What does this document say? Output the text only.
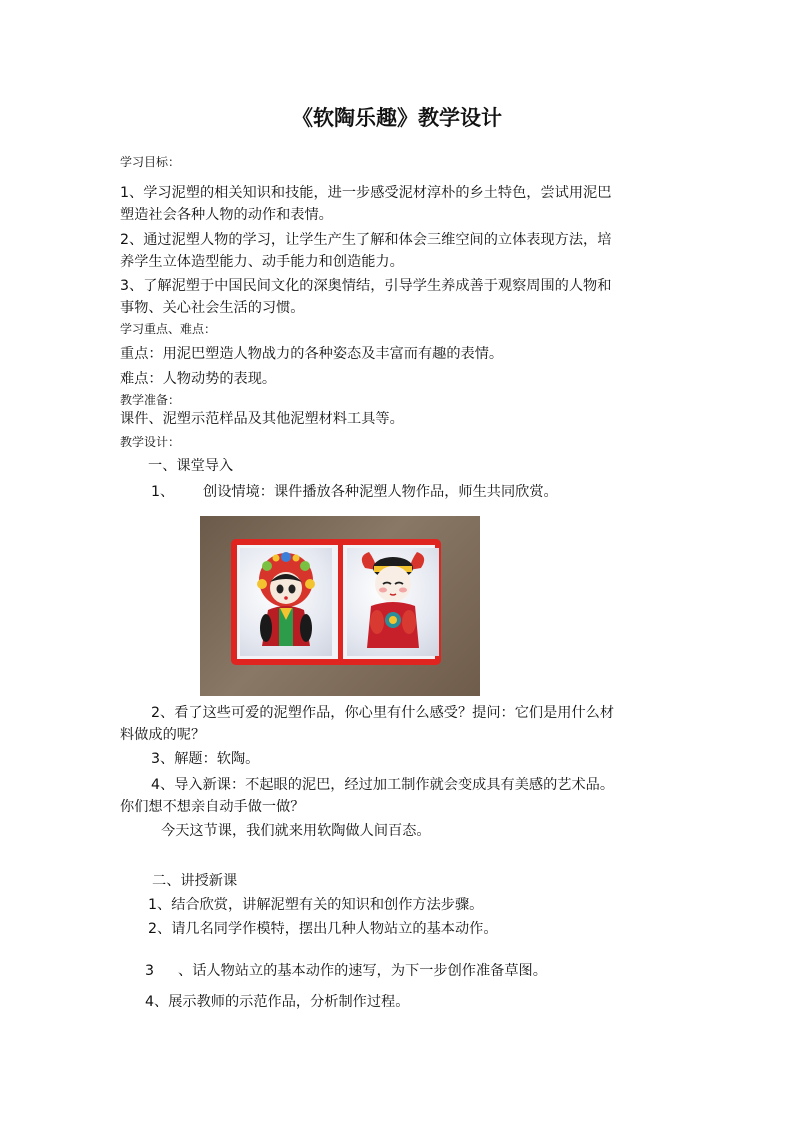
《软陶乐趣》教学设计
学习目标：
1、学习泥塑的相关知识和技能，进一步感受泥材淳朴的乡土特色，尝试用泥巴
塑造社会各种人物的动作和表情。
2、通过泥塑人物的学习，让学生产生了解和体会三维空间的立体表现方法，培
养学生立体造型能力、动手能力和创造能力。
3、了解泥塑于中国民间文化的深奥情结，引导学生养成善于观察周围的人物和
事物、关心社会生活的习惯。
学习重点、难点：
重点：用泥巴塑造人物战力的各种姿态及丰富而有趣的表情。
难点：人物动势的表现。
教学准备：
课件、泥塑示范样品及其他泥塑材料工具等。
教学设计：
一、课堂导入
1、 创设情境：课件播放各种泥塑人物作品，师生共同欣赏。
2、看了这些可爱的泥塑作品，你心里有什么感受？提问：它们是用什么材
料做成的呢？
3、解题：软陶。
4、导入新课：不起眼的泥巴，经过加工制作就会变成具有美感的艺术品。
你们想不想亲自动手做一做？
今天这节课，我们就来用软陶做人间百态。
二、讲授新课
1、结合欣赏，讲解泥塑有关的知识和创作方法步骤。
2、请几名同学作模特，摆出几种人物站立的基本动作。
3 、话人物站立的基本动作的速写，为下一步创作准备草图。
4、展示教师的示范作品，分析制作过程。
